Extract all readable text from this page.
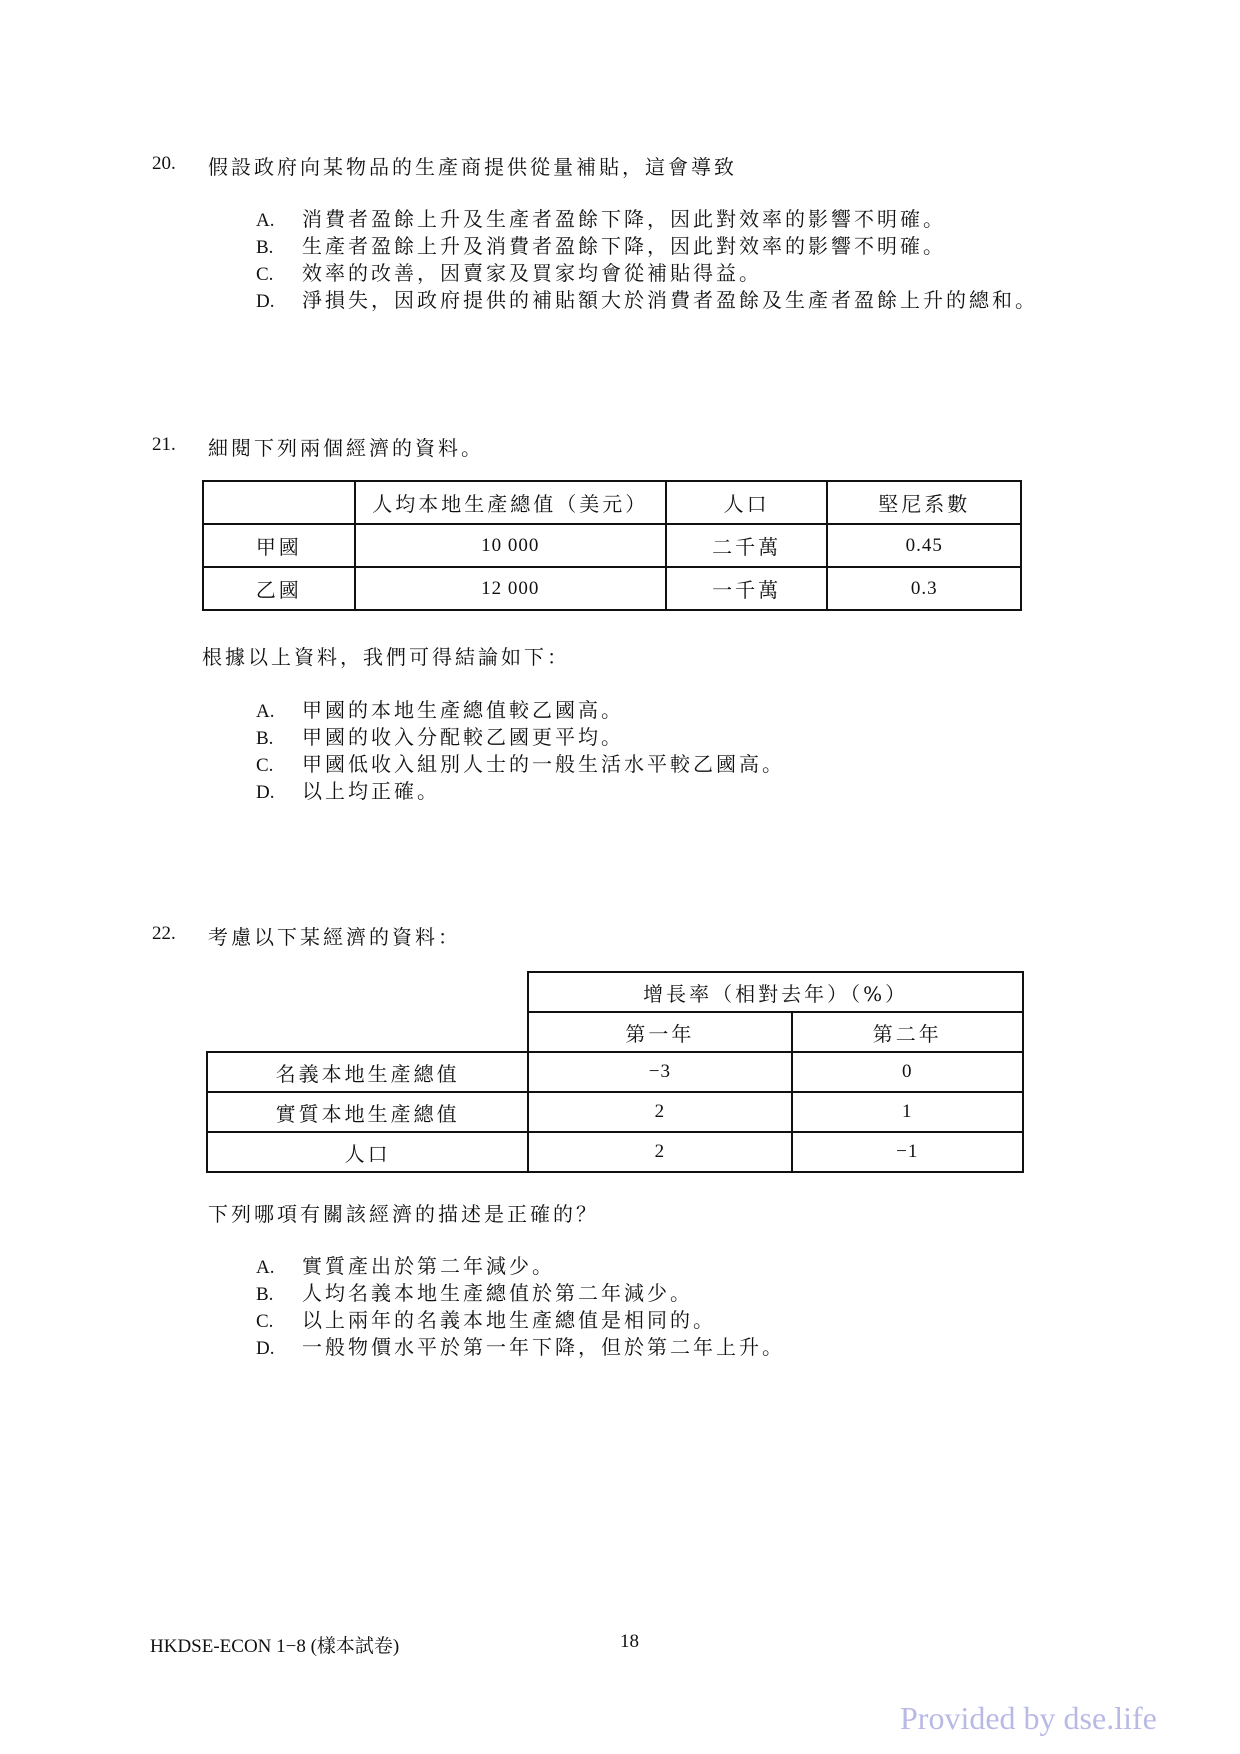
20. 假設政府向某物品的生產商提供從量補貼，這會導致
A. 消費者盈餘上升及生產者盈餘下降，因此對效率的影響不明確。
B. 生產者盈餘上升及消費者盈餘下降，因此對效率的影響不明確。
C. 效率的改善，因賣家及買家均會從補貼得益。
D. 淨損失，因政府提供的補貼額大於消費者盈餘及生產者盈餘上升的總和。
21. 細閱下列兩個經濟的資料。
	人均本地生產總值（美元）	人口	堅尼系數
甲國	10 000	二千萬	0.45
乙國	12 000	一千萬	0.3
根據以上資料，我們可得結論如下：
A. 甲國的本地生產總值較乙國高。
B. 甲國的收入分配較乙國更平均。
C. 甲國低收入組別人士的一般生活水平較乙國高。
D. 以上均正確。
22. 考慮以下某經濟的資料：
	增長率（相對去年）（%）	
	第一年	第二年
名義本地生產總值	−3	0
實質本地生產總值	2	1
人口	2	−1
下列哪項有關該經濟的描述是正確的？
A. 實質產出於第二年減少。
B. 人均名義本地生產總值於第二年減少。
C. 以上兩年的名義本地生產總值是相同的。
D. 一般物價水平於第一年下降，但於第二年上升。
HKDSE-ECON 1−8 (樣本試卷)	18
Provided by dse.life
